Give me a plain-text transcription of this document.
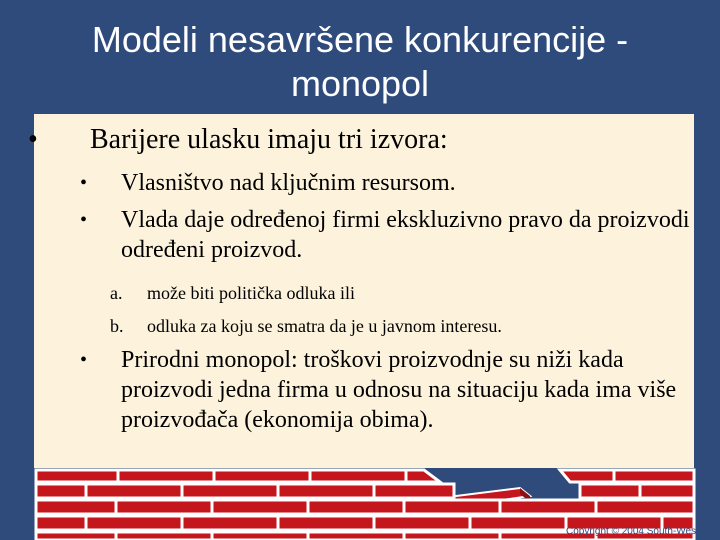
Modeli nesavršene konkurencije -
monopol
• Barijere ulasku imaju tri izvora:
• Vlasništvo nad ključnim resursom.
• Vlada daje određenoj firmi ekskluzivno pravo da proizvodi određeni proizvod.
a. može biti politička odluka ili
b. odluka za koju se smatra da je u javnom interesu.
• Prirodni monopol: troškovi proizvodnje su niži kada proizvodi jedna firma u odnosu na situaciju kada ima više proizvođača (ekonomija obima).
Copyright © 2004 South-Western
